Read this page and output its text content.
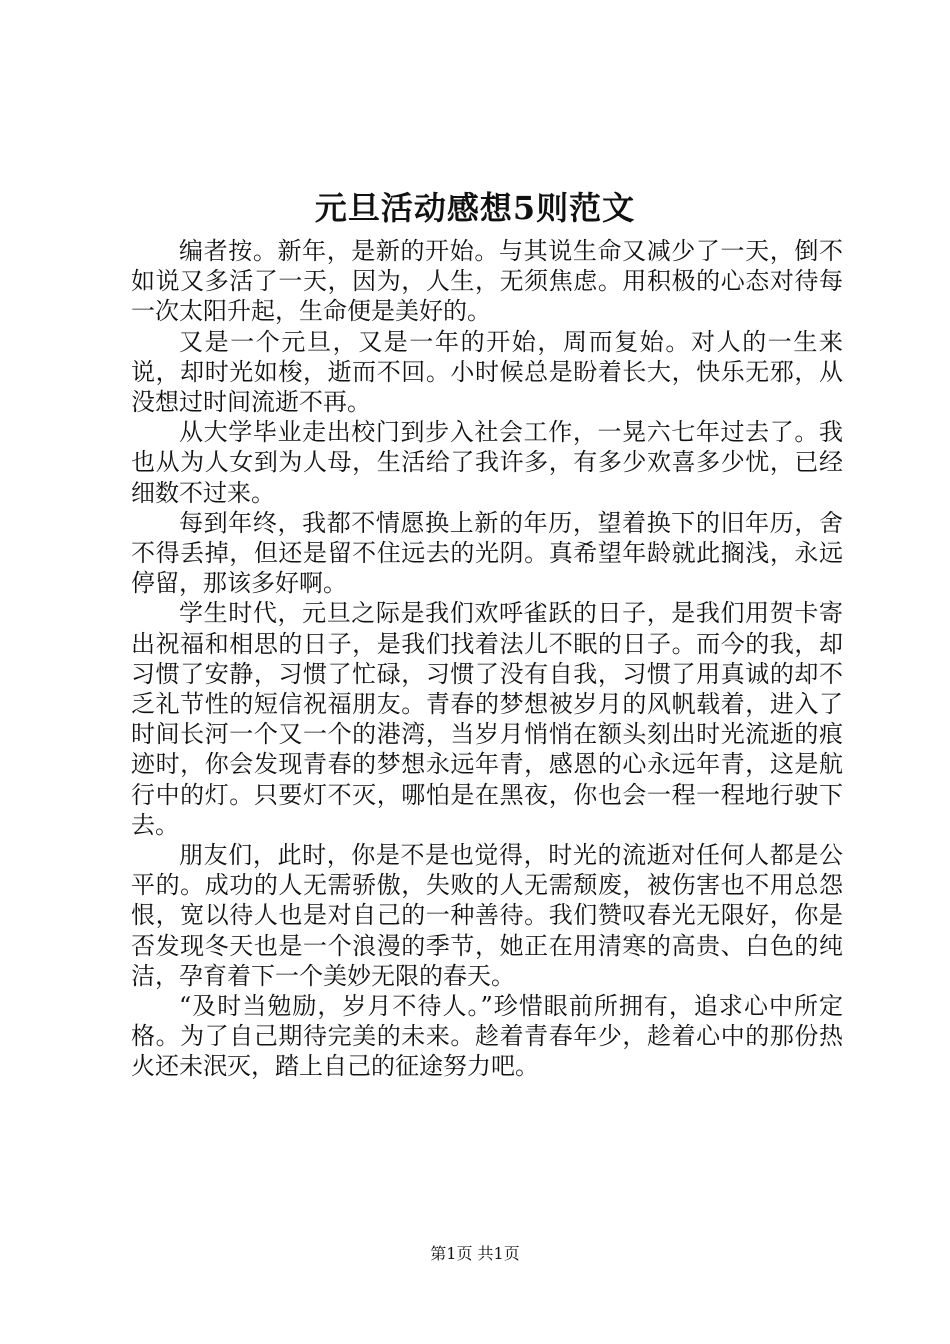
元旦活动感想5则范文

编者按。新年，是新的开始。与其说生命又减少了一天，倒不如说又多活了一天，因为，人生，无须焦虑。用积极的心态对待每一次太阳升起，生命便是美好的。

又是一个元旦，又是一年的开始，周而复始。对人的一生来说，却时光如梭，逝而不回。小时候总是盼着长大，快乐无邪，从没想过时间流逝不再。

从大学毕业走出校门到步入社会工作，一晃六七年过去了。我也从为人女到为人母，生活给了我许多，有多少欢喜多少忧，已经细数不过来。

每到年终，我都不情愿换上新的年历，望着换下的旧年历，舍不得丢掉，但还是留不住远去的光阴。真希望年龄就此搁浅，永远停留，那该多好啊。

学生时代，元旦之际是我们欢呼雀跃的日子，是我们用贺卡寄出祝福和相思的日子，是我们找着法儿不眠的日子。而今的我，却习惯了安静，习惯了忙碌，习惯了没有自我，习惯了用真诚的却不乏礼节性的短信祝福朋友。青春的梦想被岁月的风帆载着，进入了时间长河一个又一个的港湾，当岁月悄悄在额头刻出时光流逝的痕迹时，你会发现青春的梦想永远年青，感恩的心永远年青，这是航行中的灯。只要灯不灭，哪怕是在黑夜，你也会一程一程地行驶下去。

朋友们，此时，你是不是也觉得，时光的流逝对任何人都是公平的。成功的人无需骄傲，失败的人无需颓废，被伤害也不用总怨恨，宽以待人也是对自己的一种善待。我们赞叹春光无限好，你是否发现冬天也是一个浪漫的季节，她正在用清寒的高贵、白色的纯洁，孕育着下一个美妙无限的春天。

“及时当勉励，岁月不待人。”珍惜眼前所拥有，追求心中所定格。为了自己期待完美的未来。趁着青春年少，趁着心中的那份热火还未泯灭，踏上自己的征途努力吧。

第1页 共1页
